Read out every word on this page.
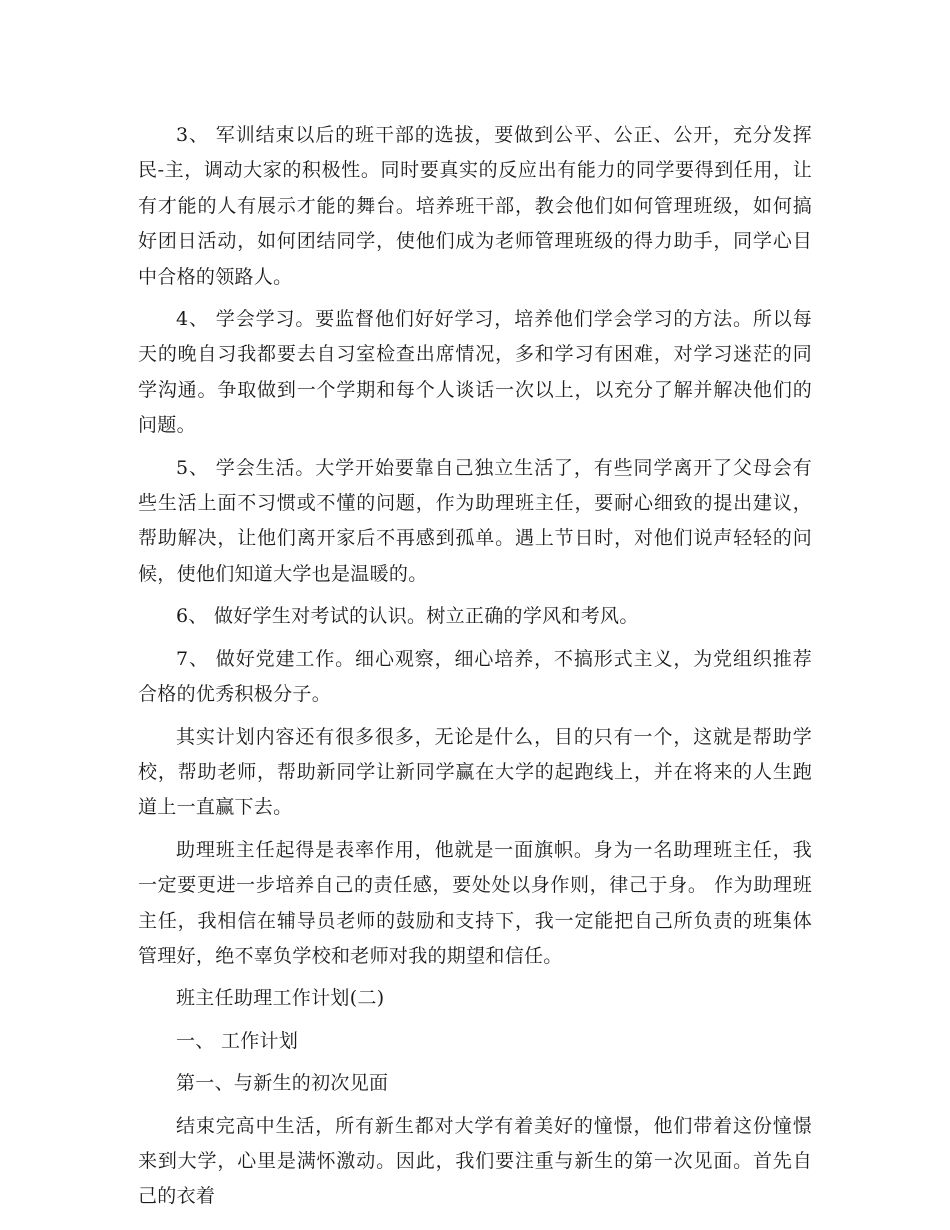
3、 军训结束以后的班干部的选拔，要做到公平、公正、公开，充分发挥民-主，调动大家的积极性。同时要真实的反应出有能力的同学要得到任用，让有才能的人有展示才能的舞台。培养班干部，教会他们如何管理班级，如何搞好团日活动，如何团结同学，使他们成为老师管理班级的得力助手，同学心目中合格的领路人。

4、 学会学习。要监督他们好好学习，培养他们学会学习的方法。所以每天的晚自习我都要去自习室检查出席情况，多和学习有困难，对学习迷茫的同学沟通。争取做到一个学期和每个人谈话一次以上，以充分了解并解决他们的问题。

5、 学会生活。大学开始要靠自己独立生活了，有些同学离开了父母会有些生活上面不习惯或不懂的问题，作为助理班主任，要耐心细致的提出建议，帮助解决，让他们离开家后不再感到孤单。遇上节日时，对他们说声轻轻的问候，使他们知道大学也是温暖的。

6、 做好学生对考试的认识。树立正确的学风和考风。

7、 做好党建工作。细心观察，细心培养，不搞形式主义，为党组织推荐合格的优秀积极分子。

其实计划内容还有很多很多，无论是什么，目的只有一个，这就是帮助学校，帮助老师，帮助新同学让新同学赢在大学的起跑线上，并在将来的人生跑道上一直赢下去。

助理班主任起得是表率作用，他就是一面旗帜。身为一名助理班主任，我一定要更进一步培养自己的责任感，要处处以身作则，律己于身。 作为助理班主任，我相信在辅导员老师的鼓励和支持下，我一定能把自己所负责的班集体管理好，绝不辜负学校和老师对我的期望和信任。

班主任助理工作计划(二)

一、 工作计划

第一、与新生的初次见面

结束完高中生活，所有新生都对大学有着美好的憧憬，他们带着这份憧憬来到大学，心里是满怀激动。因此，我们要注重与新生的第一次见面。首先自己的衣着
